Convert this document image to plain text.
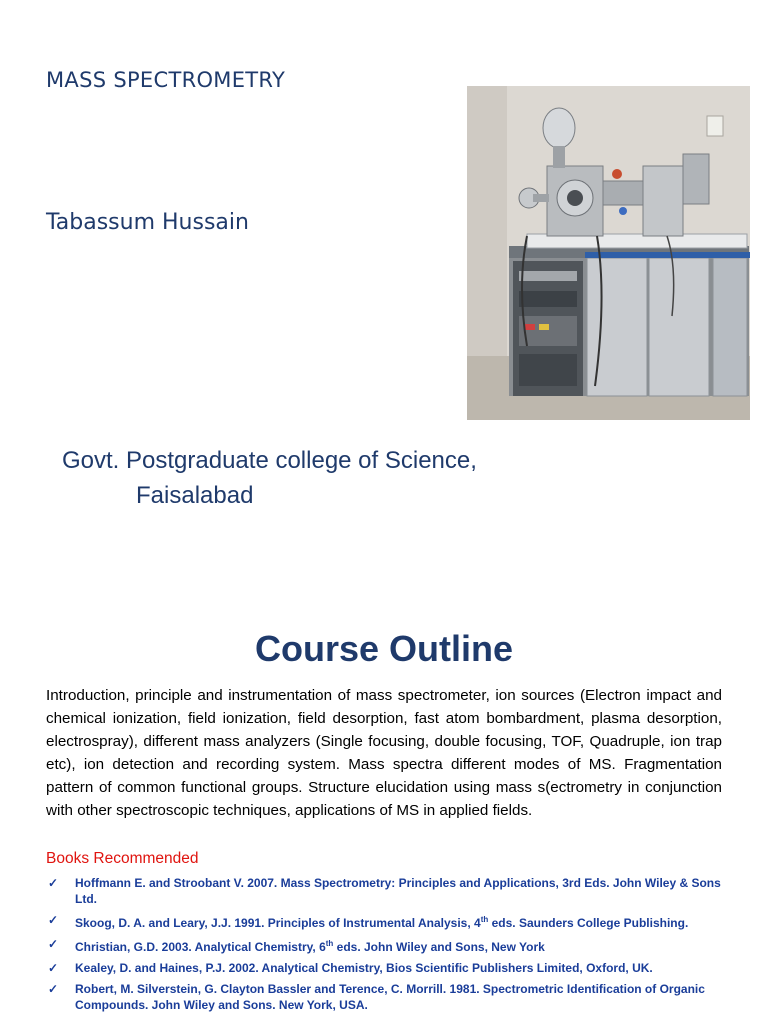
MASS SPECTROMETRY
Tabassum Hussain
Govt. Postgraduate college of Science,
Faisalabad
Course Outline
Introduction, principle and instrumentation of mass spectrometer, ion sources (Electron impact and chemical ionization, field ionization, field desorption, fast atom bombardment, plasma desorption, electrospray), different mass analyzers (Single focusing, double focusing, TOF, Quadruple, ion trap etc), ion detection and recording system. Mass spectra different modes of MS. Fragmentation pattern of common functional groups. Structure elucidation using mass s(ectrometry in conjunction with other spectroscopic techniques, applications of MS in applied fields.
Books Recommended
✓ Hoffmann E. and Stroobant V. 2007. Mass Spectrometry: Principles and Applications, 3rd Eds. John Wiley & Sons Ltd.
✓ Skoog, D. A. and Leary, J.J. 1991. Principles of Instrumental Analysis, 4th eds. Saunders College Publishing.
✓ Christian, G.D. 2003. Analytical Chemistry, 6th eds. John Wiley and Sons, New York
✓ Kealey, D. and Haines, P.J. 2002. Analytical Chemistry, Bios Scientific Publishers Limited, Oxford, UK.
✓ Robert, M. Silverstein, G. Clayton Bassler and Terence, C. Morrill. 1981. Spectrometric Identification of Organic Compounds. John Wiley and Sons. New York, USA.
